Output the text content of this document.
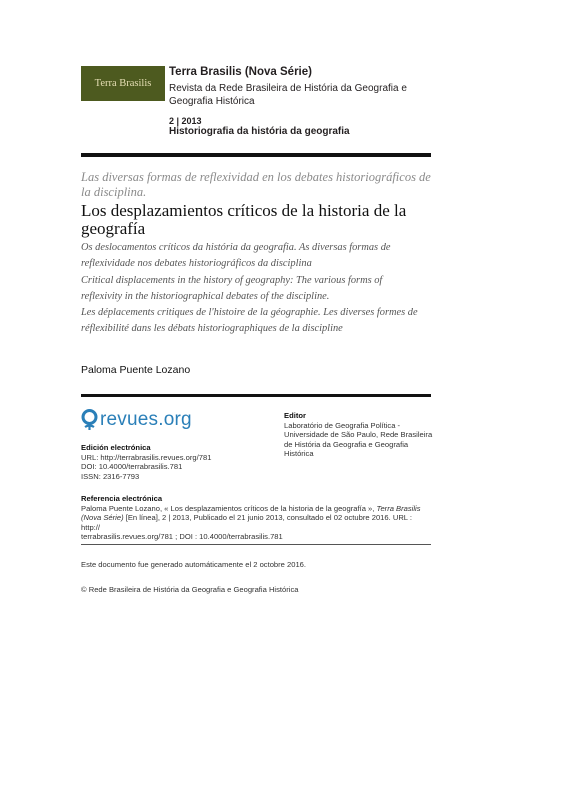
Terra Brasilis
Terra Brasilis (Nova Série)
Revista da Rede Brasileira de História da Geografia e Geografia Histórica
2 | 2013
Historiografia da história da geografia
Las diversas formas de reflexividad en los debates historiográficos de la disciplina.
Los desplazamientos críticos de la historia de la geografía
Os deslocamentos críticos da história da geografia. As diversas formas de
reflexividade nos debates historiográficos da disciplina
Critical displacements in the history of geography: The various forms of
reflexivity in the historiographical debates of the discipline.
Les déplacements critiques de l'histoire de la géographie. Les diverses formes de
réflexibilité dans les débats historiographiques de la discipline
Paloma Puente Lozano
revues.org
Edición electrónica
URL: http://terrabrasilis.revues.org/781
DOI: 10.4000/terrabrasilis.781
ISSN: 2316-7793
Editor
Laboratório de Geografia Política -
Universidade de São Paulo, Rede Brasileira
de História da Geografia e Geografia
Histórica
Referencia electrónica
Paloma Puente Lozano, « Los desplazamientos críticos de la historia de la geografía », Terra Brasilis
(Nova Série) [En línea], 2 | 2013, Publicado el 21 junio 2013, consultado el 02 octubre 2016. URL : http://
terrabrasilis.revues.org/781 ; DOI : 10.4000/terrabrasilis.781
Este documento fue generado automáticamente el 2 octobre 2016.
© Rede Brasileira de História da Geografia e Geografia Histórica
